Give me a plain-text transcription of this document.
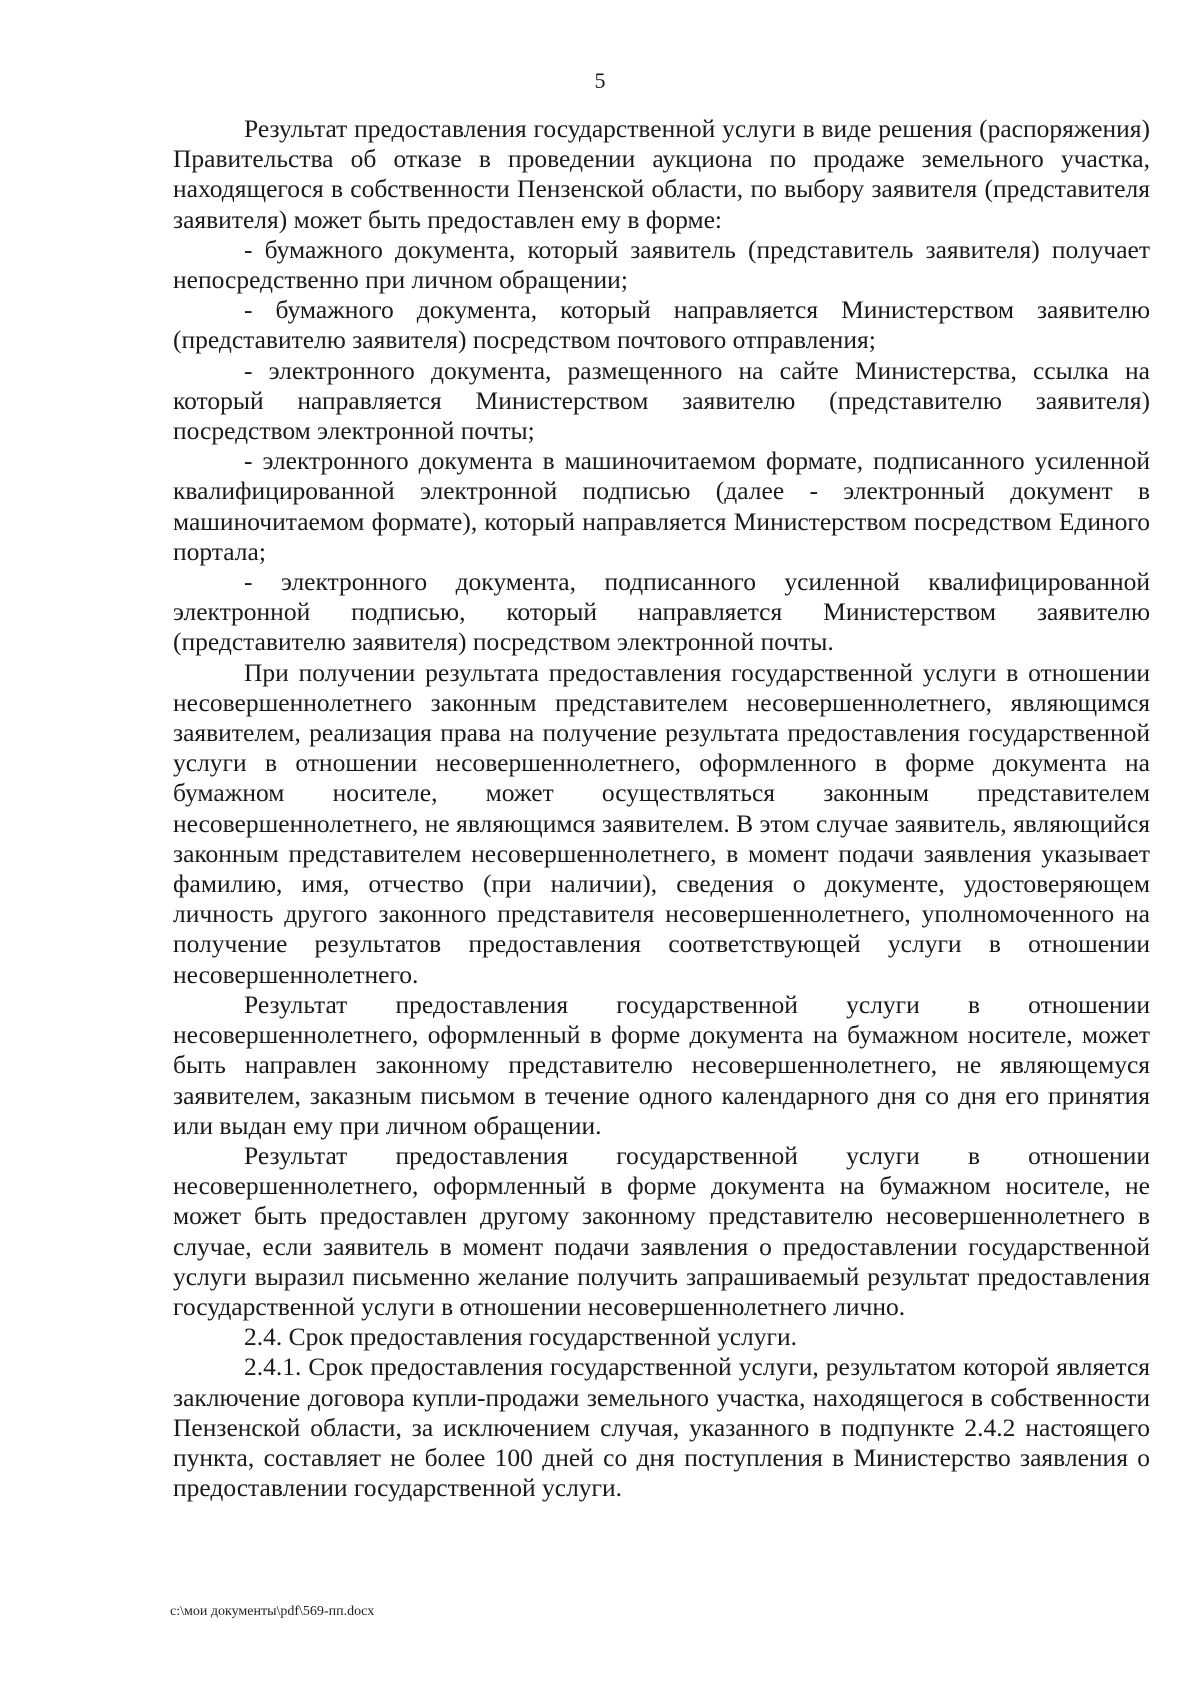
5

Результат предоставления государственной услуги в виде решения (распоряжения) Правительства об отказе в проведении аукциона по продаже земельного участка, находящегося в собственности Пензенской области, по выбору заявителя (представителя заявителя) может быть предоставлен ему в форме:

- бумажного документа, который заявитель (представитель заявителя) получает непосредственно при личном обращении;

- бумажного документа, который направляется Министерством заявителю (представителю заявителя) посредством почтового отправления;

- электронного документа, размещенного на сайте Министерства, ссылка на который направляется Министерством заявителю (представителю заявителя) посредством электронной почты;

- электронного документа в машиночитаемом формате, подписанного усиленной квалифицированной электронной подписью (далее - электронный документ в машиночитаемом формате), который направляется Министерством посредством Единого портала;

- электронного документа, подписанного усиленной квалифицированной электронной подписью, который направляется Министерством заявителю (представителю заявителя) посредством электронной почты.

При получении результата предоставления государственной услуги в отношении несовершеннолетнего законным представителем несовершеннолетнего, являющимся заявителем, реализация права на получение результата предоставления государственной услуги в отношении несовершеннолетнего, оформленного в форме документа на бумажном носителе, может осуществляться законным представителем несовершеннолетнего, не являющимся заявителем. В этом случае заявитель, являющийся законным представителем несовершеннолетнего, в момент подачи заявления указывает фамилию, имя, отчество (при наличии), сведения о документе, удостоверяющем личность другого законного представителя несовершеннолетнего, уполномоченного на получение результатов предоставления соответствующей услуги в отношении несовершеннолетнего.

Результат предоставления государственной услуги в отношении несовершеннолетнего, оформленный в форме документа на бумажном носителе, может быть направлен законному представителю несовершеннолетнего, не являющемуся заявителем, заказным письмом в течение одного календарного дня со дня его принятия или выдан ему при личном обращении.

Результат предоставления государственной услуги в отношении несовершеннолетнего, оформленный в форме документа на бумажном носителе, не может быть предоставлен другому законному представителю несовершеннолетнего в случае, если заявитель в момент подачи заявления о предоставлении государственной услуги выразил письменно желание получить запрашиваемый результат предоставления государственной услуги в отношении несовершеннолетнего лично.

2.4. Срок предоставления государственной услуги.

2.4.1. Срок предоставления государственной услуги, результатом которой является заключение договора купли-продажи земельного участка, находящегося в собственности Пензенской области, за исключением случая, указанного в подпункте 2.4.2 настоящего пункта, составляет не более 100 дней со дня поступления в Министерство заявления о предоставлении государственной услуги.

c:\мои документы\pdf\569-пп.docx
